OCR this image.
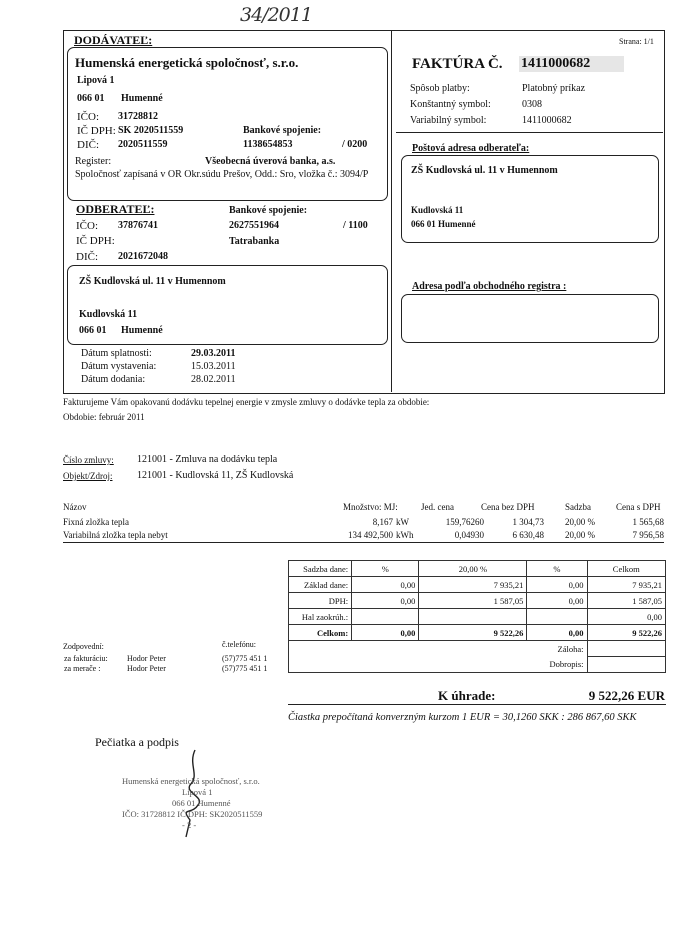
34/2011
DODÁVATEĽ:
Humenská energetická spoločnosť, s.r.o.
Lipová 1
066 01 Humenné
IČO: 31728812
IČ DPH: SK 2020511559	Bankové spojenie:
DIČ: 2020511559	1138654853	/ 0200
Register:	Všeobecná úverová banka, a.s.
Spoločnosť zapísaná v OR Okr.súdu Prešov, Odd.: Sro, vložka č.: 3094/P
ODBERATEĽ:	Bankové spojenie:
IČO: 37876741	2627551964	/ 1100
IČ DPH:	Tatrabanka
DIČ: 2021672048
ZŠ Kudlovská ul. 11 v Humennom
Kudlovská 11
066 01 Humenné
Dátum splatnosti:	29.03.2011
Dátum vystavenia:	15.03.2011
Dátum dodania:	28.02.2011
Strana: 1/1
FAKTÚRA Č. 1411000682
Spôsob platby:	Platobný príkaz
Konštantný symbol:	0308
Variabilný symbol:	1411000682
Poštová adresa odberateľa:
ZŠ Kudlovská ul. 11 v Humennom
Kudlovská 11
066 01 Humenné
Adresa podľa obchodného registra :
Fakturujeme Vám opakovanú dodávku tepelnej energie v zmysle zmluvy o dodávke tepla za obdobie:
Obdobie: február 2011
Číslo zmluvy: 121001 - Zmluva na dodávku tepla
Objekt/Zdroj: 121001 - Kudlovská 11, ZŠ Kudlovská
Názov	Množstvo: MJ:	Jed. cena	Cena bez DPH	Sadzba	Cena s DPH
Fixná zložka tepla	8,167 kW	159,76260	1 304,73	20,00 %	1 565,68
Variabilná zložka tepla nebyt	134 492,500 kWh	0,04930	6 630,48	20,00 %	7 956,58
Sadzba dane:	%	20,00 %	%	Celkom
Základ dane:	0,00	7 935,21	0,00	7 935,21
DPH:	0,00	1 587,05	0,00	1 587,05
Hal zaokrúh.:				0,00
Celkom:	0,00	9 522,26	0,00	9 522,26
Záloha:				
Dobropis:				
K úhrade:	9 522,26 EUR
Čiastka prepočítaná konverzným kurzom 1 EUR = 30,1260 SKK : 286 867,60 SKK
Zodpovední:	č.telefónu:
za fakturáciu: Hodor Peter	(57)775 451 1
za merače :	Hodor Peter	(57)775 451 1
Pečiatka a podpis
Humenská energetická spoločnosť, s.r.o.
Lipová 1
066 01 Humenné
IČO: 31728812 IČ DPH: SK2020511559
- 2 -
